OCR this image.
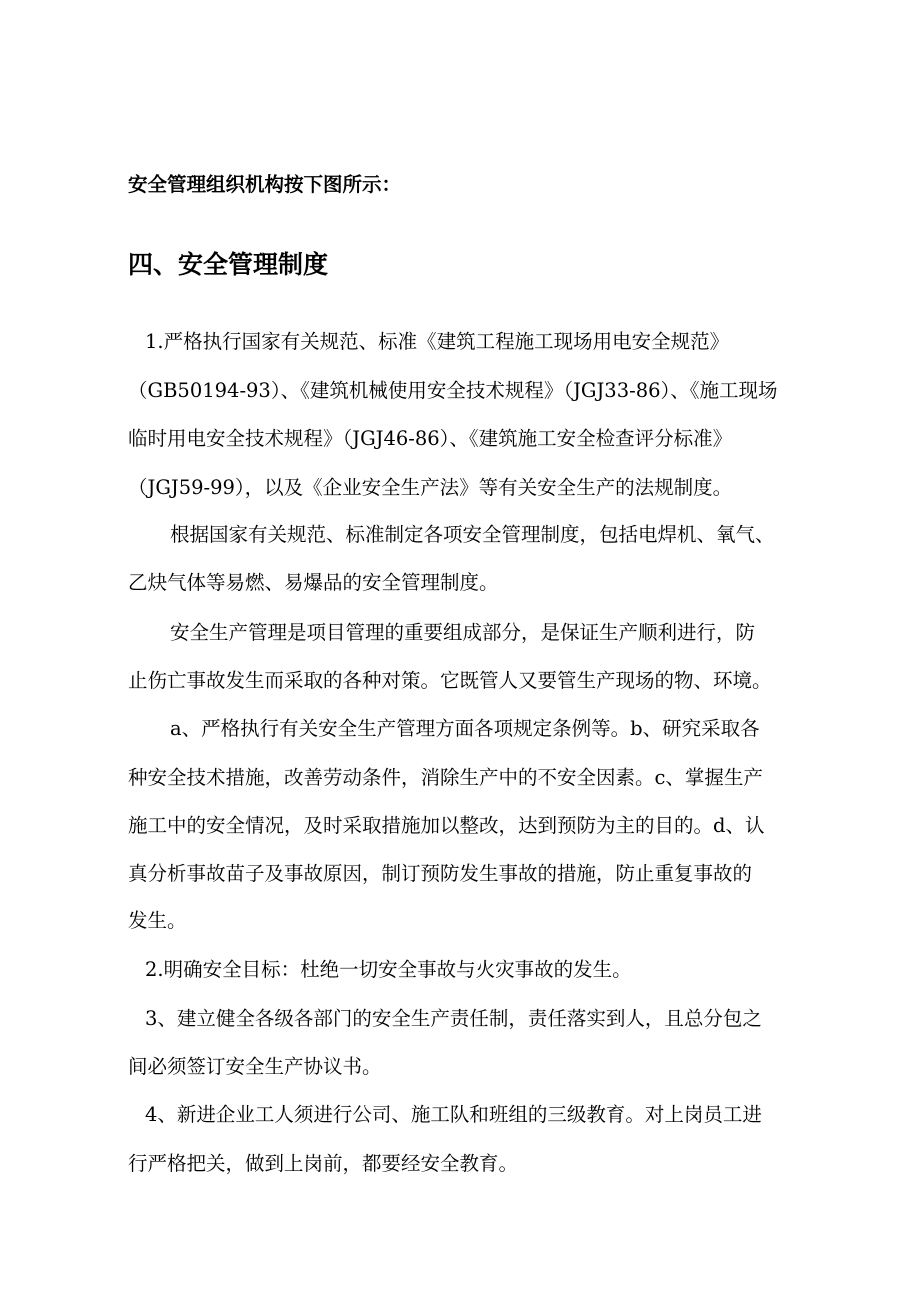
安全管理组织机构按下图所示：
四、安全管理制度
1.严格执行国家有关规范、标准《建筑工程施工现场用电安全规范》
（GB50194-93）、《建筑机械使用安全技术规程》（JGJ33-86）、《施工现场
临时用电安全技术规程》（JGJ46-86）、《建筑施工安全检查评分标准》
（JGJ59-99），以及《企业安全生产法》等有关安全生产的法规制度。
根据国家有关规范、标准制定各项安全管理制度，包括电焊机、氧气、
乙炔气体等易燃、易爆品的安全管理制度。
安全生产管理是项目管理的重要组成部分，是保证生产顺利进行，防
止伤亡事故发生而采取的各种对策。它既管人又要管生产现场的物、环境。
a、严格执行有关安全生产管理方面各项规定条例等。b、研究采取各
种安全技术措施，改善劳动条件，消除生产中的不安全因素。c、掌握生产
施工中的安全情况，及时采取措施加以整改，达到预防为主的目的。d、认
真分析事故苗子及事故原因，制订预防发生事故的措施，防止重复事故的
发生。
2.明确安全目标：杜绝一切安全事故与火灾事故的发生。
3、建立健全各级各部门的安全生产责任制，责任落实到人，且总分包之
间必须签订安全生产协议书。
4、新进企业工人须进行公司、施工队和班组的三级教育。对上岗员工进
行严格把关，做到上岗前，都要经安全教育。
